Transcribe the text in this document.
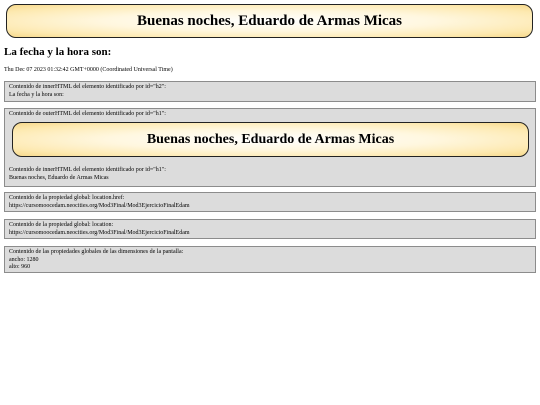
Buenas noches, Eduardo de Armas Micas
La fecha y la hora son:
Thu Dec 07 2023 01:32:42 GMT+0000 (Coordinated Universal Time)
Contenido de innerHTML del elemento identificado por id="h2":
La fecha y la hora son:
Contenido de outerHTML del elemento identificado por id="h1":
Buenas noches, Eduardo de Armas Micas
Contenido de innerHTML del elemento identificado por id="h1":
Buenas noches, Eduardo de Armas Micas
Contenido de la propiedad global: location.href:
https://cursomoocedam.neocities.org/Mod3Final/Mod3EjercicioFinalEdam
Contenido de la propiedad global: location:
https://cursomoocedam.neocities.org/Mod3Final/Mod3EjercicioFinalEdam
Contenido de las propiedades globales de las dimensiones de la pantalla:
ancho: 1280
alto: 960
